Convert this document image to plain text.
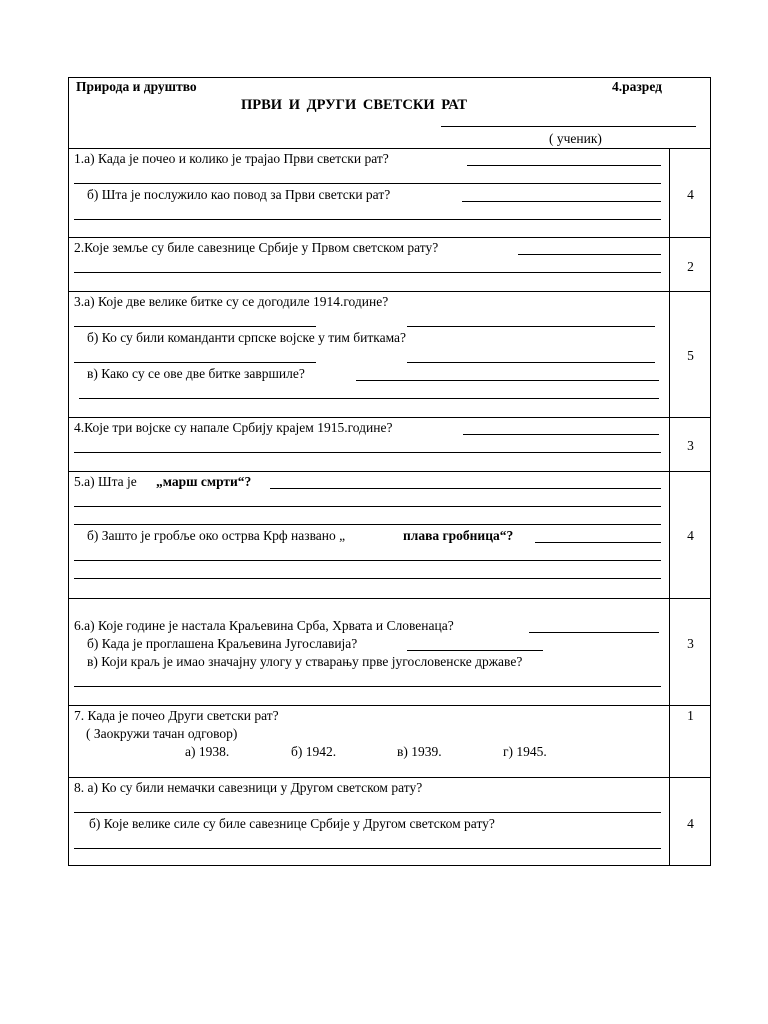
Природа и друштво	4.разред
ПРВИ И ДРУГИ СВЕТСКИ РАТ
( ученик)
1.а) Када је почео и колико је трајао Први светски рат?
б) Шта је послужило као повод за Први светски рат?	4
2.Које земље су биле савезнице Србије у Првом светском рату?
2
3.а) Које две велике битке су се догодиле 1914.године?
б) Ко су били команданти српске војске у тим биткама?
в) Како су се ове две битке завршиле?
5
4.Које три војске су напале Србију крајем 1915.године?
3
5.а) Шта је „марш смрти“?
б) Зашто је гробље око острва Крф названо „	плава гробница“?	4
6.а) Које године је настала Краљевина Срба, Хрвата и Словенаца?
б) Када је проглашена Краљевина Југославија?
в) Који краљ је имао значајну улогу у стварању прве југословенске државе?
3
7. Када је почео Други светски рат?
( Заокружи тачан одговор)
а) 1938.	б) 1942.	в) 1939.	г) 1945.
1
8. а) Ко су били немачки савезници у Другом светском рату?
б) Које велике силе су биле савезнице Србије у Другом светском рату?	4
